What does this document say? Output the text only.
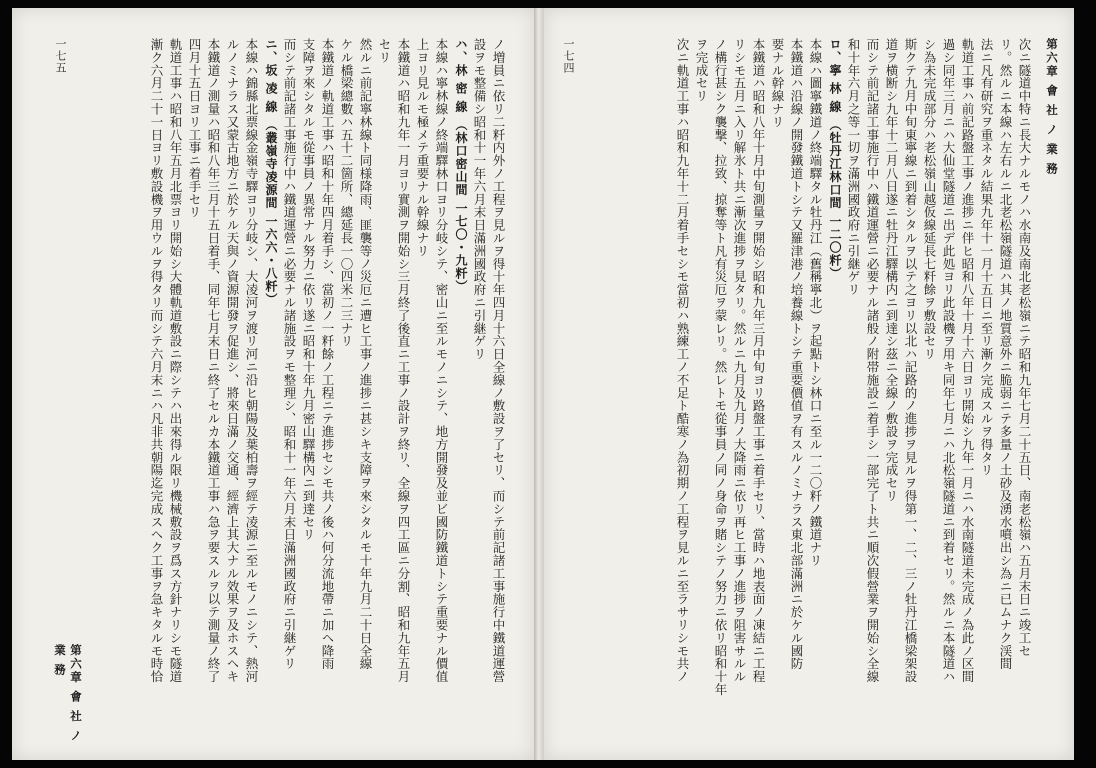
一七五
第六章 會 社 ノ 業 務	ノ増員ニ依リ二粁内外ノ工程ヲ見ルヲ得十年四月十六日全線ノ敷設ヲ了セリ、而シテ前記諸工事施行中鐵道運營
設ヲモ整備シ昭和十一年六月末日滿洲國政府ニ引継ゲリ
ハ、林 密 線 （林口密山間 一七〇・九粁）
本線ハ寧林線ノ終端驛林口ヨリ分岐シテ、密山ニ至ルモノニシテ、地方開發及並ビ國防鐵道トシテ重要ナル價值
上ヨリ見ルモ極メテ重要ナル幹線ナリ
本鐵道ハ昭和九年一月ヨリ實測ヲ開始シ三月終了後直ニ工事ノ設計ヲ終リ、全線ヲ四工區ニ分割、昭和九年五月
セリ
然ルニ前記寧林線ト同様降雨、匪襲等ノ災厄ニ遭ヒ工事ノ進捗ニ甚シキ支障ヲ來シタルモ十年九月二十日全線
ケル橋梁總數ハ五十二箇所、總延長一〇四米二三ナリ
本鐵道ノ軌道工事ハ昭和十年四月着手シ、當初ノ一粁餘ノ工程ニテ進捗セシモ共ノ後ハ何分流地帶ニ加ヘ降雨
支障ヲ來シタルモ從事員ノ異常ナル努力ニ依リ遂ニ昭和十年九月密山驛構內ニ到達セリ
而シテ前記諸工事施行中ハ鐵道運營ニ必要ナル諸施設ヲモ整理シ、昭和十一年六月末日滿洲國政府ニ引継ゲリ
ニ、坂 凌 線 （叢嶺寺凌源間 一六六・八粁）
本線ハ錦縣北票線金嶺寺驛ヨリ分岐シ、大凌河ヲ渡リ河ニ沿ヒ朝陽及葉柏壽ヲ經テ凌源ニ至ルモノニシテ、熱河
ルノミナラス又蒙古地方ニ於ケル天與ノ資源開發ヲ促進シ、將來日滿ノ交通、經濟上其大ナル效果ヲ及ホスヘキ
本鐵道ノ測量ハ昭和八年三月十五日着手、同年七月末日ニ終了セルカ本鐵道工事ハ急ヲ要スルヲ以テ測量ノ終了
四月十五日ヨリ工事ニ着手セリ
軌道工事ハ昭和八年五月北票ヨリ開始シ大體軌道敷設ニ際シテハ出來得ル限リ機械敷設ヲ爲ス方針ナリシモ隧道
漸ク六月二十一日ヨリ敷設機ヲ用ウルヲ得タリ而シテ六月末ニハ凡非共朝陽迄完成スヘク工事ヲ急キタルモ時恰	第六章 會 社 ノ 業 務
一七四	次ニ隧道中特ニ長大ナルモノハ水南及南北老松嶺ニテ昭和九年七月二十五日、南老松嶺ハ五月末日ニ竣工セ
リ。然ルニ本線ハ左右ルニ北老松嶺隧道ハ其ノ地質意外ニ脆弱ニテ多量ノ土砂及湧水噴出シ為ニ已ムナク渓間
法ニ凡有研究ヲ重ネタル結果九年十一月十五日ニ至リ漸ク完成スルヲ得タリ
軌道工事ハ前記路盤工事ノ進捗ニ伴ヒ昭和八年十月十六日ヨリ開始シ九年一月ニハ水南隧道未完成ノ為此ノ区間
過シ同年三月ニハ大仙堂隧道ニ出デ此処ヨリ此設機ヲ用キ同年七月ニハ北松嶺隧道ニ到着セリ。然ルニ本隧道ハ
シ為未完成部分ハ老松嶺山越仮線延長七粁餘ヲ敷設セリ
斯クテ九月中旬東寧線ニ到着シタルヲ以テ之ヨリ以北ハ記路的ノ進捗ヲ見ルヲ得第一、二、三ノ牡丹江橋梁架設
道ヲ横断シ九年十二月八日遂ニ牡丹江驛構内ニ到達シ茲ニ全線ノ敷設ヲ完成セリ
而シテ前記諸工事施行中ハ鐵道運營ニ必要ナル諸般ノ附帯施設ニ着手シ一部完了ト共ニ順次假營業ヲ開始シ全線
和十年六月之等一切ヲ滿洲國政府ニ引継ゲリ
ロ、寧 林 線 （牡丹江林口間 一二〇粁）
本線ハ圖寧鐵道ノ終端驛タル牡丹江（舊稱寧北）ヲ起點トシ林口ニ至ル一二〇粁ノ鐵道ナリ
本鐵道ハ沿線ノ開發鐵道トシテ又羅津港ノ培養線トシテ重要價值ヲ有スルノミナラス東北部滿洲ニ於ケル國防
要ナル幹線ナリ
本鐵道ハ昭和八年十月中旬測量ヲ開始シ昭和九年三月中旬ヨリ路盤工事ニ着手セリ、當時ハ地表面ノ凍結ニ工程
リシモ五月ニ入リ解氷ト共ニ漸次進捗ヲ見タリ。然ルニ九月及九月ノ大降雨ニ依リ再ヒ工事ノ進捗ヲ阻害サルル
ノ構行甚シク襲撃、拉致、掠奪等ト凡有災厄ヲ蒙レリ。然レトモ從事員ノ同ノ身命ヲ賭シテノ努力ニ依リ昭和十年
ヲ完成セリ
次ニ軌道工事ハ昭和九年十二月着手セシモ當初ハ熟練工ノ不足ト酷寒ノ為初期ノ工程ヲ見ルニ至ラサリシモ共ノ
